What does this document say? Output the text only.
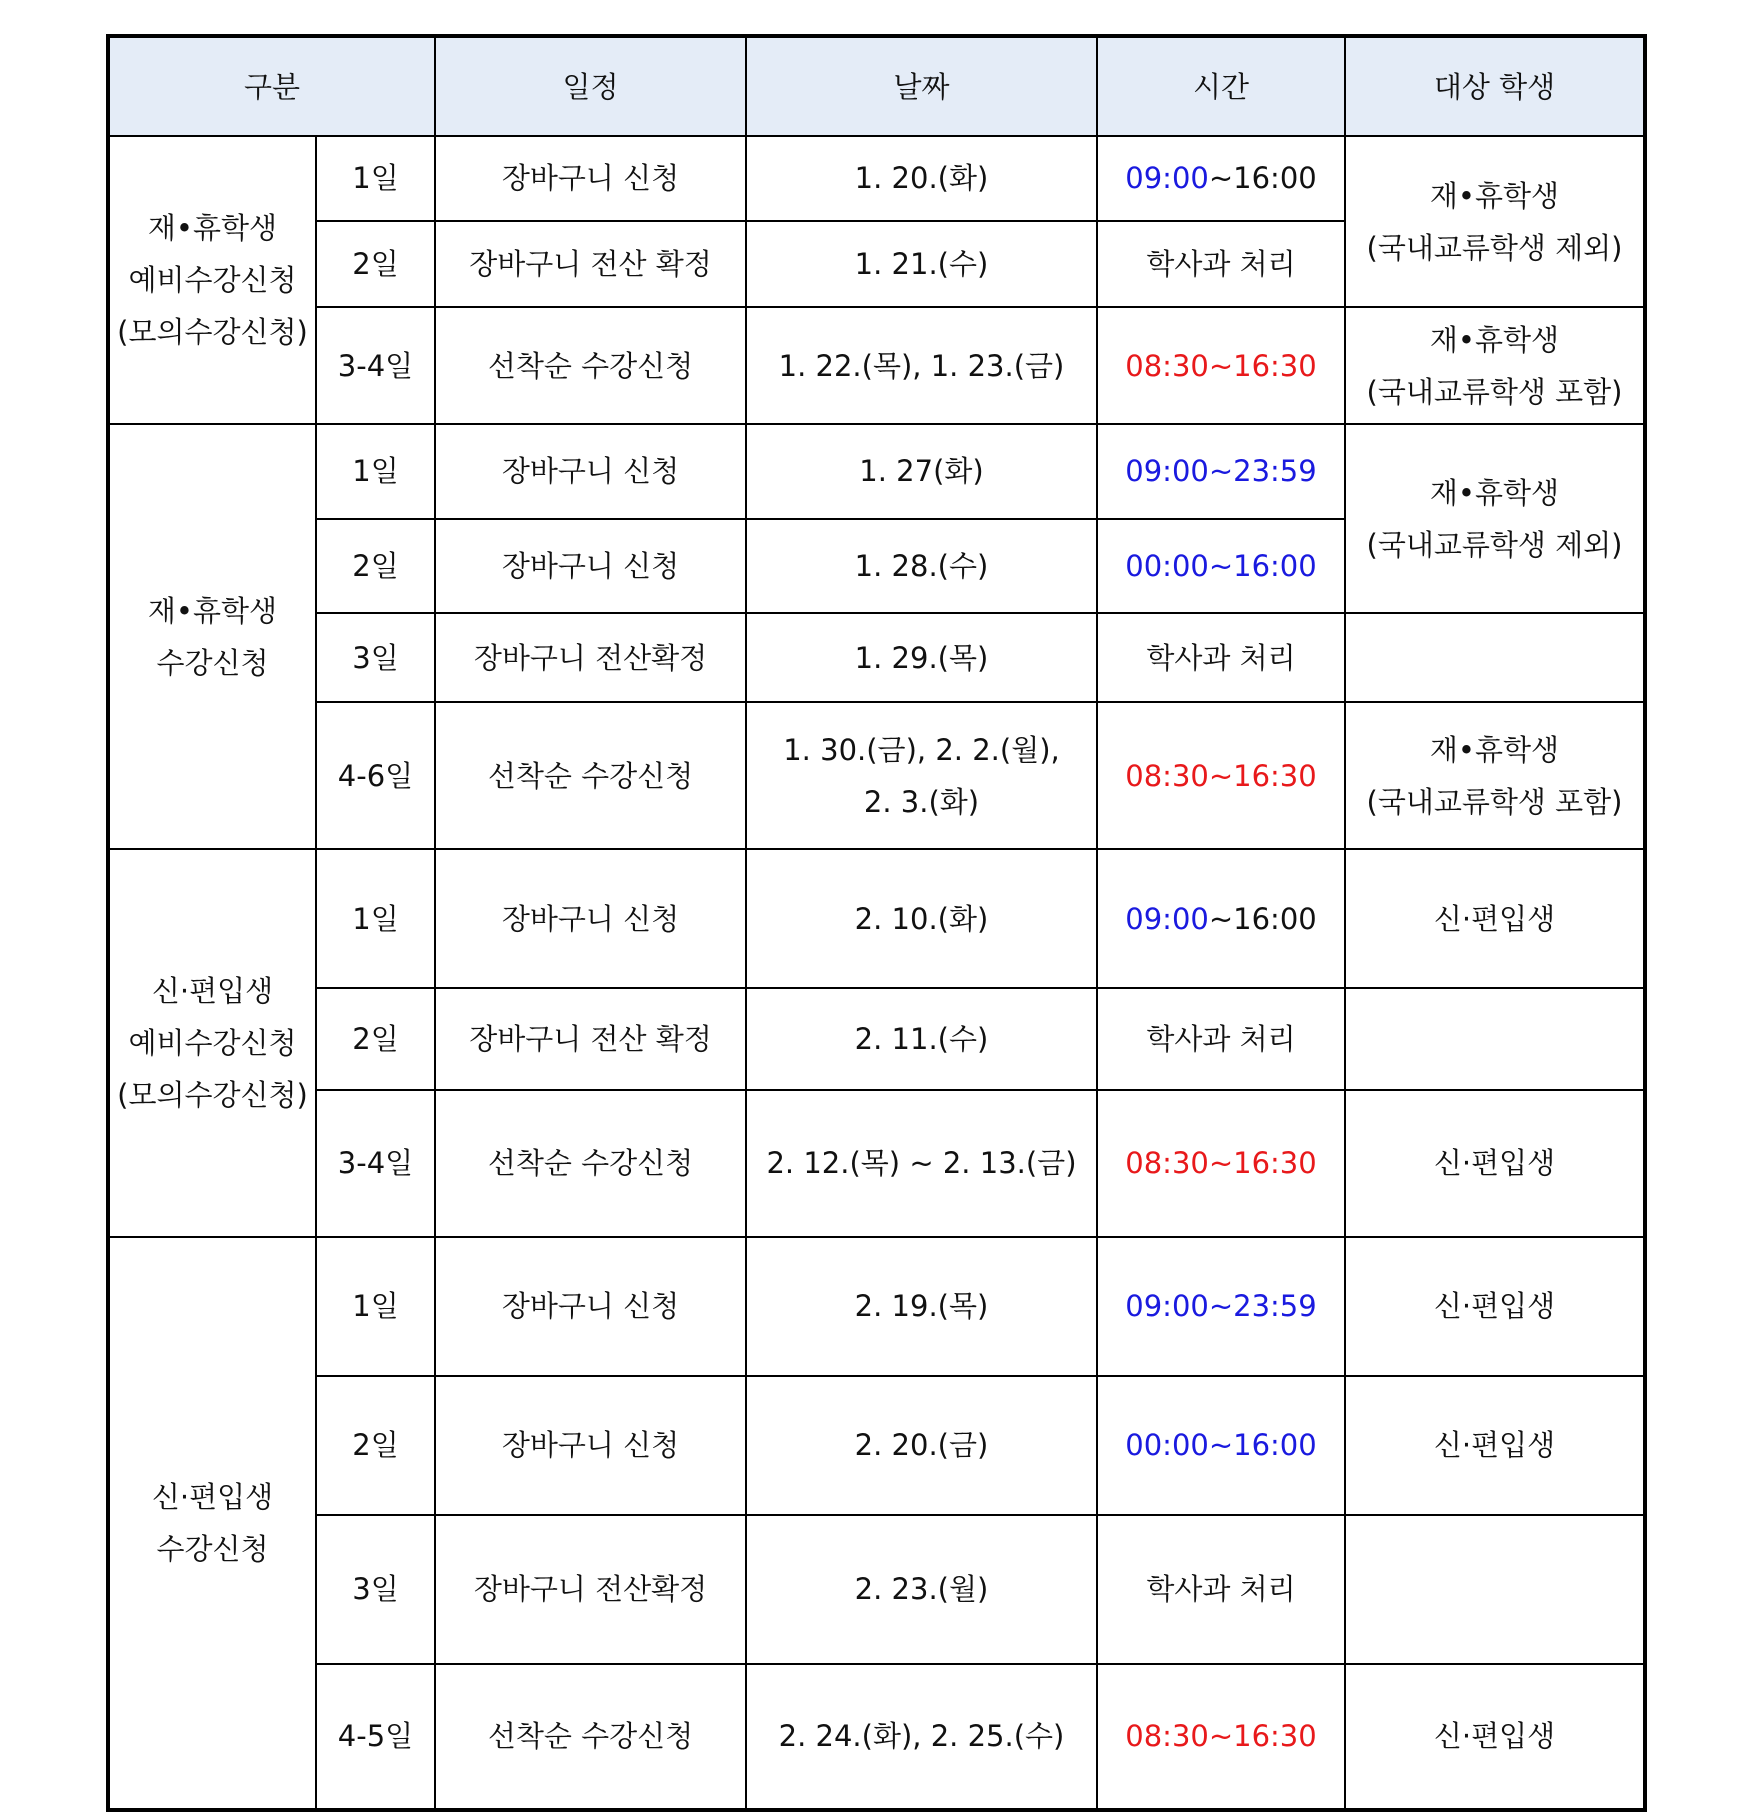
구분		일정	날짜	시간	대상 학생

재•휴학생
예비수강신청
(모의수강신청)	1일	장바구니 신청	1. 20.(화)	09:00~16:00	재•휴학생
(국내교류학생 제외)

	2일	장바구니 전산 확정	1. 21.(수)	학사과 처리	
	3-4일	선착순 수강신청	1. 22.(목), 1. 23.(금)	08:30~16:30	재•휴학생
(국내교류학생 포함)

재•휴학생
수강신청	1일	장바구니 신청	1. 27(화)	09:00~23:59	재•휴학생
(국내교류학생 제외)

	2일	장바구니 신청	1. 28.(수)	00:00~16:00	
	3일	장바구니 전산확정	1. 29.(목)	학사과 처리	
	4-6일	선착순 수강신청	1. 30.(금), 2. 2.(월),
2. 3.(화)	08:30~16:30	재•휴학생
(국내교류학생 포함)

신·편입생
예비수강신청
(모의수강신청)	1일	장바구니 신청	2. 10.(화)	09:00~16:00	신·편입생

	2일	장바구니 전산 확정	2. 11.(수)	학사과 처리	
	3-4일	선착순 수강신청	2. 12.(목) ~ 2. 13.(금)	08:30~16:30	신·편입생

신·편입생
수강신청	1일	장바구니 신청	2. 19.(목)	09:00~23:59	신·편입생

	2일	장바구니 신청	2. 20.(금)	00:00~16:00	신·편입생

	3일	장바구니 전산확정	2. 23.(월)	학사과 처리	
	4-5일	선착순 수강신청	2. 24.(화), 2. 25.(수)	08:30~16:30	신·편입생
